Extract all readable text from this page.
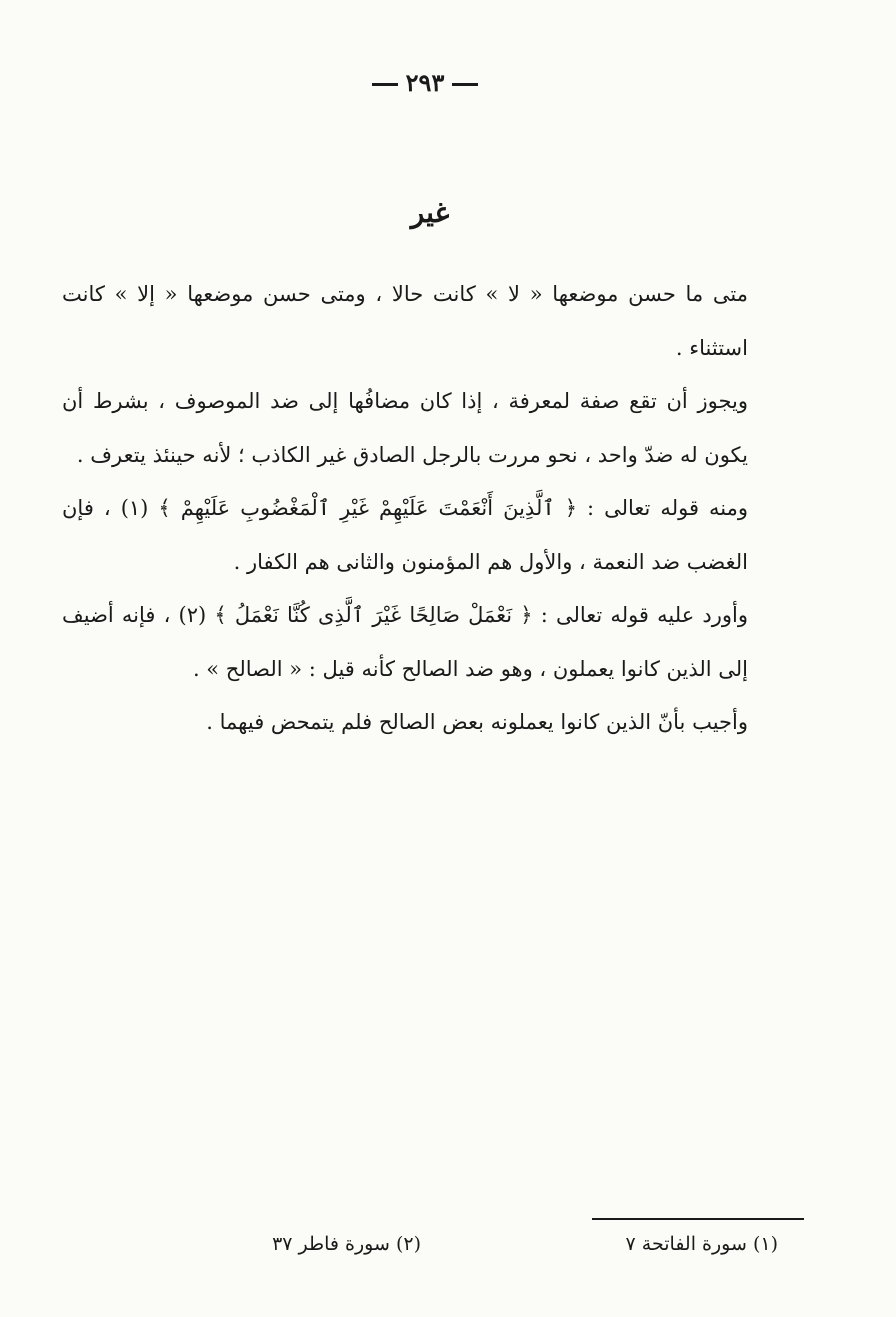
٢٩٣
غير

متى ما حسن موضعها « لا » كانت حالا ، ومتى حسن موضعها « إلا » كانت استثناء .

ويجوز أن تقع صفة لمعرفة ، إذا كان مضافُها إلى ضد الموصوف ، بشرط أن يكون له ضدّ واحد ، نحو مررت بالرجل الصادق غير الكاذب ؛ لأنه حينئذ يتعرف .

ومنه قوله تعالى : ﴿ ٱلَّذِينَ أَنْعَمْتَ عَلَيْهِمْ غَيْرِ ٱلْمَغْضُوبِ عَلَيْهِمْ ﴾ (١) ، فإن الغضب ضد النعمة ، والأول هم المؤمنون والثانى هم الكفار .

وأورد عليه قوله تعالى : ﴿ نَعْمَلْ صَالِحًا غَيْرَ ٱلَّذِى كُنَّا نَعْمَلُ ﴾ (٢) ، فإنه أضيف إلى الذين كانوا يعملون ، وهو ضد الصالح كأنه قيل : « الصالح » .

وأجيب بأنّ الذين كانوا يعملونه بعض الصالح فلم يتمحض فيهما .

(١) سورة الفاتحة ٧
(٢) سورة فاطر ٣٧
